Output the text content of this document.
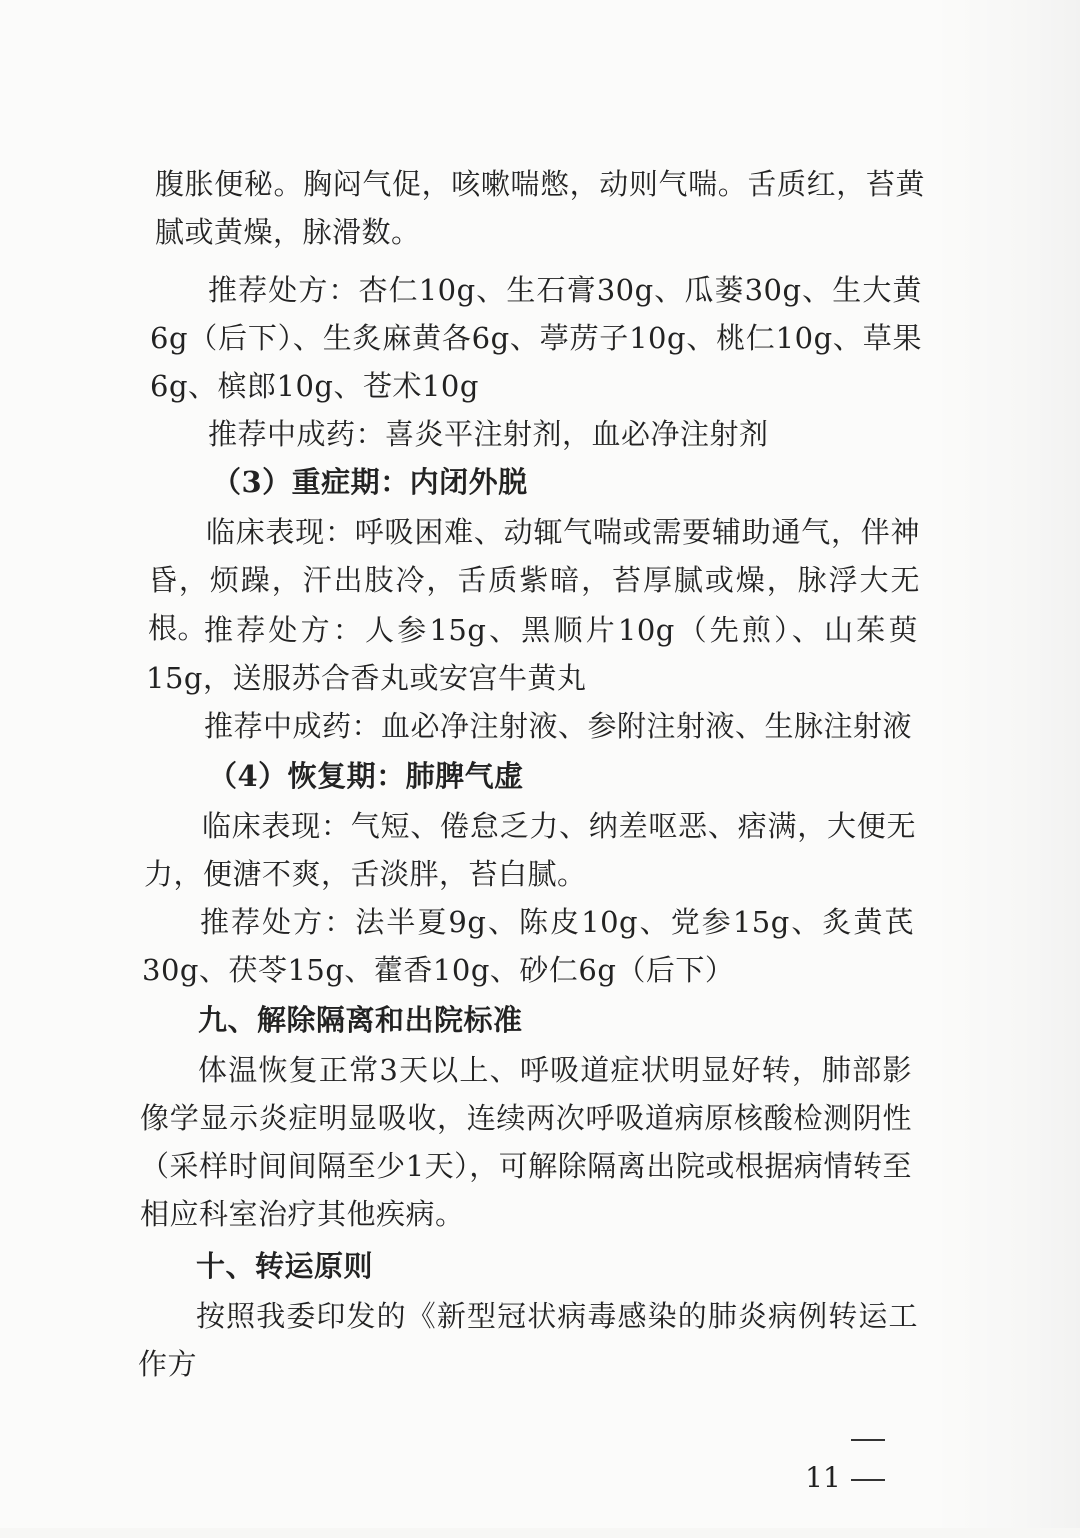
腹胀便秘。胸闷气促，咳嗽喘憋，动则气喘。舌质红，苔黄腻或黄燥，脉滑数。

推荐处方：杏仁10g、生石膏30g、瓜蒌30g、生大黄6g（后下）、生炙麻黄各6g、葶苈子10g、桃仁10g、草果6g、槟郎10g、苍术10g

推荐中成药：喜炎平注射剂，血必净注射剂

（3）重症期：内闭外脱

临床表现：呼吸困难、动辄气喘或需要辅助通气，伴神昏，烦躁，汗出肢冷，舌质紫暗，苔厚腻或燥，脉浮大无根。

推荐处方：人参15g、黑顺片10g（先煎）、山茱萸15g，送服苏合香丸或安宫牛黄丸

推荐中成药：血必净注射液、参附注射液、生脉注射液

（4）恢复期：肺脾气虚

临床表现：气短、倦怠乏力、纳差呕恶、痞满，大便无力，便溏不爽，舌淡胖，苔白腻。

推荐处方：法半夏9g、陈皮10g、党参15g、炙黄芪30g、茯苓15g、藿香10g、砂仁6g（后下）

九、解除隔离和出院标准

体温恢复正常3天以上、呼吸道症状明显好转，肺部影像学显示炎症明显吸收，连续两次呼吸道病原核酸检测阴性（采样时间间隔至少1天），可解除隔离出院或根据病情转至相应科室治疗其他疾病。

十、转运原则

按照我委印发的《新型冠状病毒感染的肺炎病例转运工作方

11
